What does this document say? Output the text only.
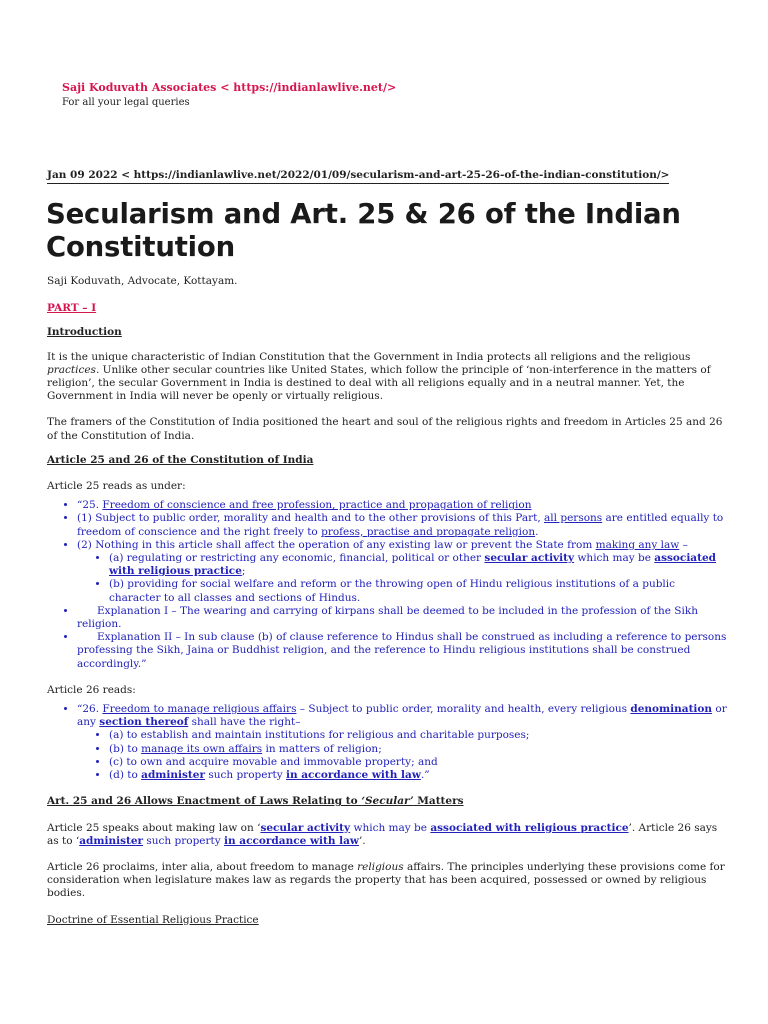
Saji Koduvath Associates < https://indianlawlive.net/>
For all your legal queries
Jan 09 2022 < https://indianlawlive.net/2022/01/09/secularism-and-art-25-26-of-the-indian-constitution/>
Secularism and Art. 25 & 26 of the Indian Constitution

Saji Koduvath, Advocate, Kottayam.

PART – I

Introduction

It is the unique characteristic of Indian Constitution that the Government in India protects all religions and the religious practices. Unlike other secular countries like United States, which follow the principle of ‘non-interference in the matters of religion’, the secular Government in India is destined to deal with all religions equally and in a neutral manner. Yet, the Government in India will never be openly or virtually religious.

The framers of the Constitution of India positioned the heart and soul of the religious rights and freedom in Articles 25 and 26 of the Constitution of India.

Article 25 and 26 of the Constitution of India

Article 25 reads as under:

• “25. Freedom of conscience and free profession, practice and propagation of religion
• (1) Subject to public order, morality and health and to the other provisions of this Part, all persons are entitled equally to freedom of conscience and the right freely to profess, practise and propagate religion.
• (2) Nothing in this article shall affect the operation of any existing law or prevent the State from making any law –
• (a) regulating or restricting any economic, financial, political or other secular activity which may be associated with religious practice;
• (b) providing for social welfare and reform or the throwing open of Hindu religious institutions of a public character to all classes and sections of Hindus.
• Explanation I – The wearing and carrying of kirpans shall be deemed to be included in the profession of the Sikh religion.
• Explanation II – In sub clause (b) of clause reference to Hindus shall be construed as including a reference to persons professing the Sikh, Jaina or Buddhist religion, and the reference to Hindu religious institutions shall be construed accordingly.”

Article 26 reads:

• “26. Freedom to manage religious affairs – Subject to public order, morality and health, every religious denomination or any section thereof shall have the right–
• (a) to establish and maintain institutions for religious and charitable purposes;
• (b) to manage its own affairs in matters of religion;
• (c) to own and acquire movable and immovable property; and
• (d) to administer such property in accordance with law.”

Art. 25 and 26 Allows Enactment of Laws Relating to ‘Secular’ Matters

Article 25 speaks about making law on ‘secular activity which may be associated with religious practice’. Article 26 says as to ‘administer such property in accordance with law’.

Article 26 proclaims, inter alia, about freedom to manage religious affairs. The principles underlying these provisions come for consideration when legislature makes law as regards the property that has been acquired, possessed or owned by religious bodies.

Doctrine of Essential Religious Practice
